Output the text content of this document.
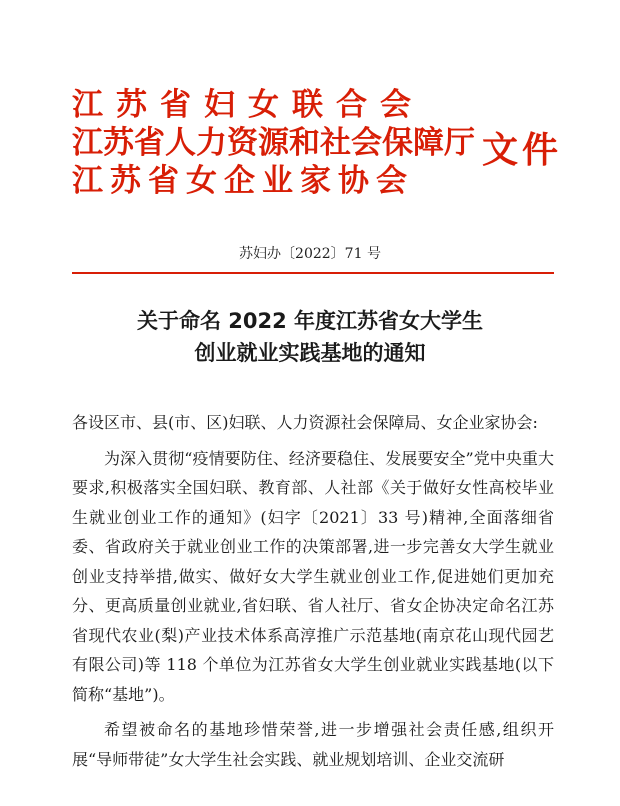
江苏省妇女联合会
江苏省人力资源和社会保障厅
江苏省女企业家协会
文件
苏妇办〔2022〕71 号
关于命名 2022 年度江苏省女大学生
创业就业实践基地的通知

各设区市、县(市、区)妇联、人力资源社会保障局、女企业家协会:

为深入贯彻“疫情要防住、经济要稳住、发展要安全”党中央重大要求,积极落实全国妇联、教育部、人社部《关于做好女性高校毕业生就业创业工作的通知》(妇字〔2021〕33 号)精神,全面落细省委、省政府关于就业创业工作的决策部署,进一步完善女大学生就业创业支持举措,做实、做好女大学生就业创业工作,促进她们更加充分、更高质量创业就业,省妇联、省人社厅、省女企协决定命名江苏省现代农业(梨)产业技术体系高淳推广示范基地(南京花山现代园艺有限公司)等 118 个单位为江苏省女大学生创业就业实践基地(以下简称“基地”)。

希望被命名的基地珍惜荣誉,进一步增强社会责任感,组织开展“导师带徒”女大学生社会实践、就业规划培训、企业交流研
